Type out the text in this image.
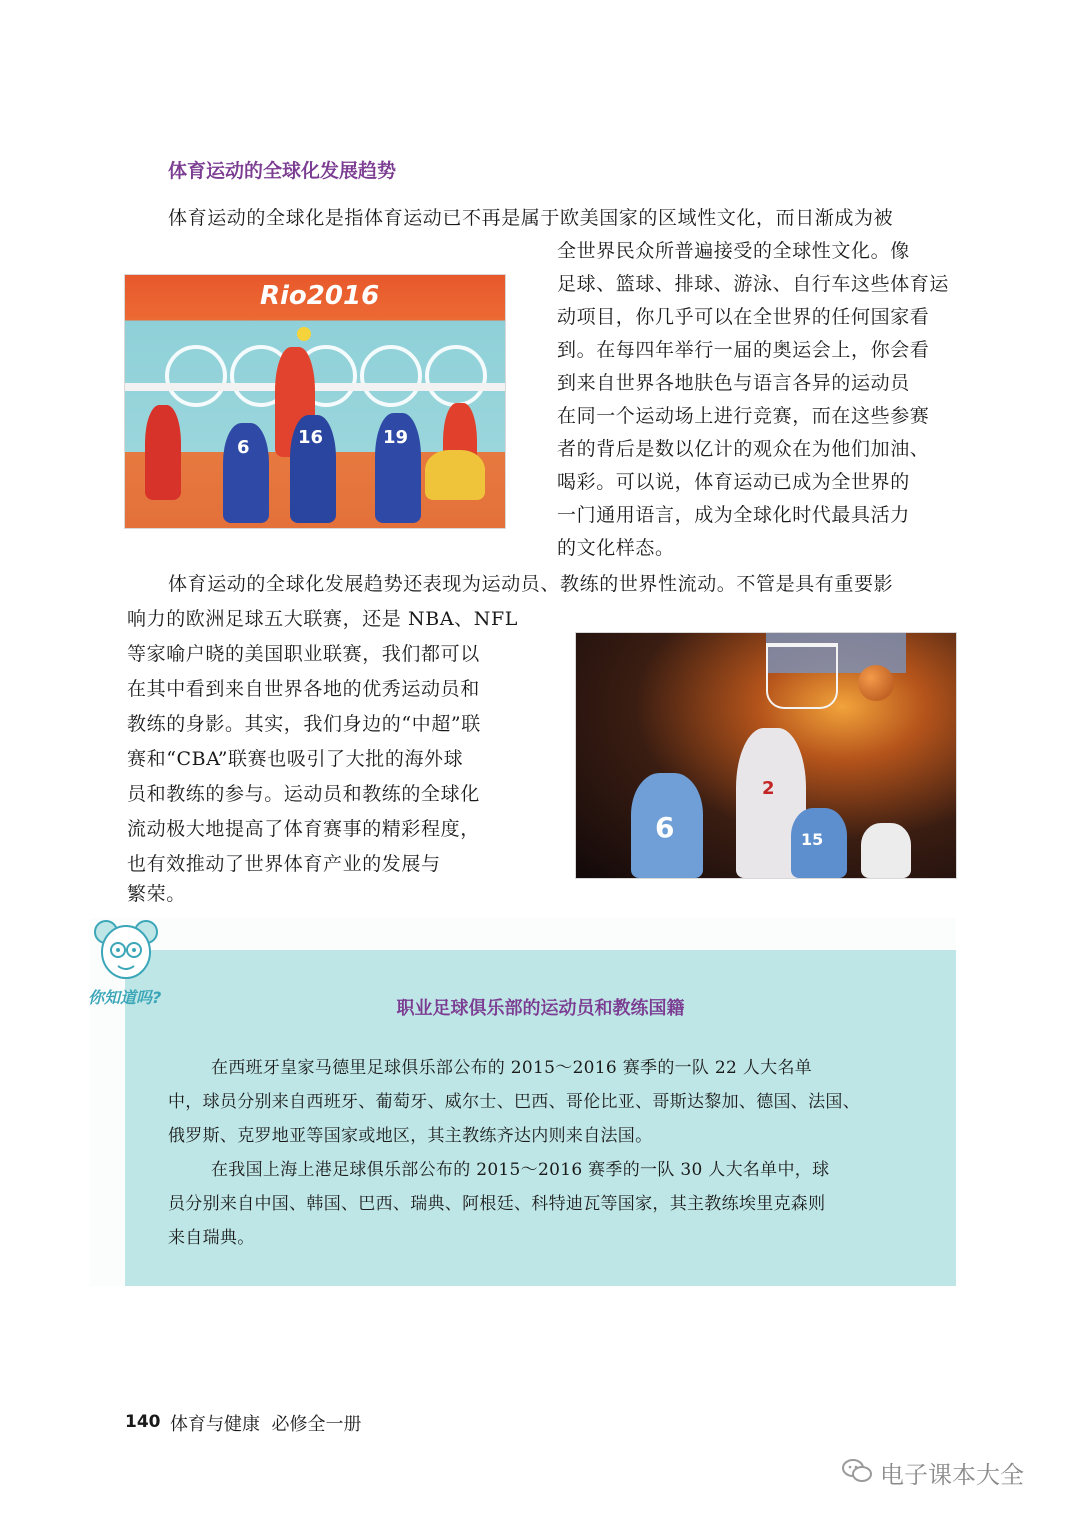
体育运动的全球化发展趋势
体育运动的全球化是指体育运动已不再是属于欧美国家的区域性文化，而日渐成为被
全世界民众所普遍接受的全球性文化。像
足球、篮球、排球、游泳、自行车这些体育运
动项目，你几乎可以在全世界的任何国家看
到。在每四年举行一届的奥运会上，你会看
到来自世界各地肤色与语言各异的运动员
在同一个运动场上进行竞赛，而在这些参赛
者的背后是数以亿计的观众在为他们加油、
喝彩。可以说，体育运动已成为全世界的
一门通用语言，成为全球化时代最具活力
的文化样态。
Rio2016
6	16	19
体育运动的全球化发展趋势还表现为运动员、教练的世界性流动。不管是具有重要影
响力的欧洲足球五大联赛，还是 NBA、NFL
等家喻户晓的美国职业联赛，我们都可以
在其中看到来自世界各地的优秀运动员和
教练的身影。其实，我们身边的“中超”联
赛和“CBA”联赛也吸引了大批的海外球
员和教练的参与。运动员和教练的全球化
流动极大地提高了体育赛事的精彩程度，
也有效推动了世界体育产业的发展与
繁荣。
2
6	15
职业足球俱乐部的运动员和教练国籍
在西班牙皇家马德里足球俱乐部公布的 2015～2016 赛季的一队 22 人大名单
中，球员分别来自西班牙、葡萄牙、威尔士、巴西、哥伦比亚、哥斯达黎加、德国、法国、
俄罗斯、克罗地亚等国家或地区，其主教练齐达内则来自法国。
在我国上海上港足球俱乐部公布的 2015～2016 赛季的一队 30 人大名单中，球
员分别来自中国、韩国、巴西、瑞典、阿根廷、科特迪瓦等国家，其主教练埃里克森则
来自瑞典。
你知道吗?
140 体育与健康  必修全一册
电子课本大全
